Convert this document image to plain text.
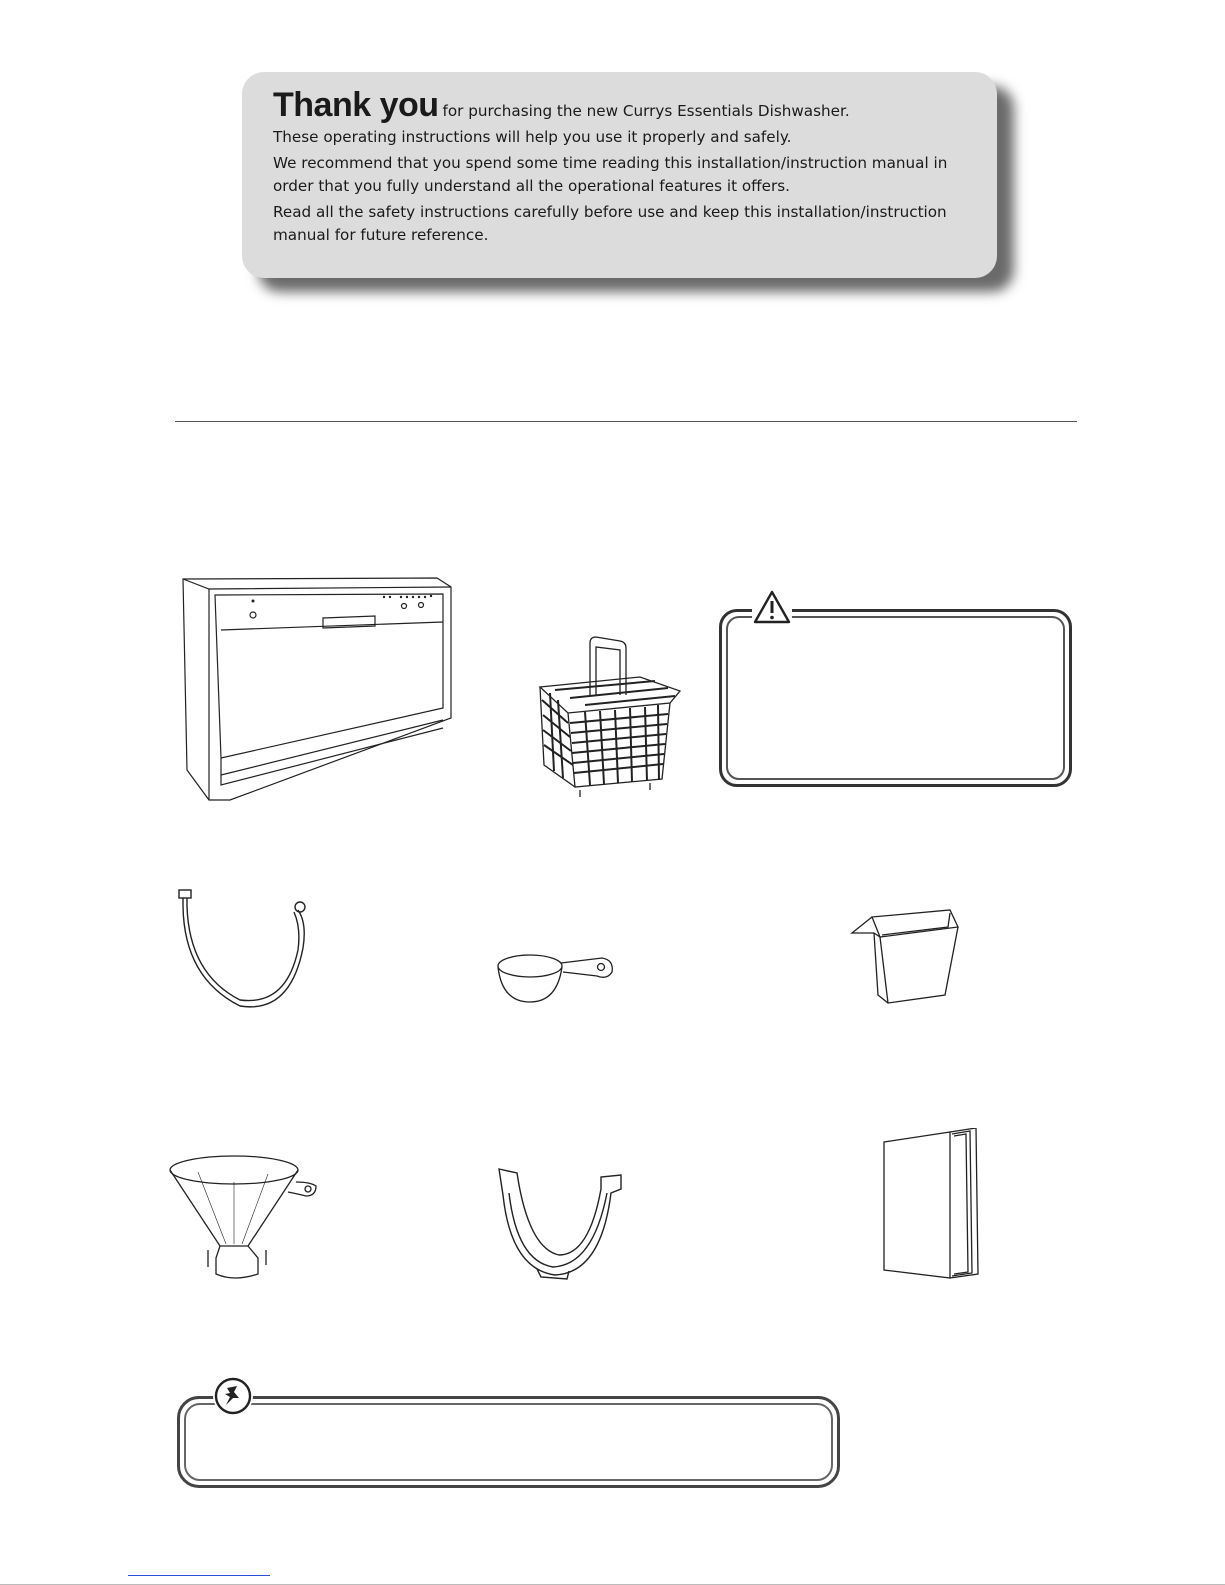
Thank you for purchasing the new Currys Essentials Dishwasher.

These operating instructions will help you use it properly and safely.

We recommend that you spend some time reading this installation/instruction manual in order that you fully understand all the operational features it offers.

Read all the safety instructions carefully before use and keep this installation/instruction manual for future reference.
